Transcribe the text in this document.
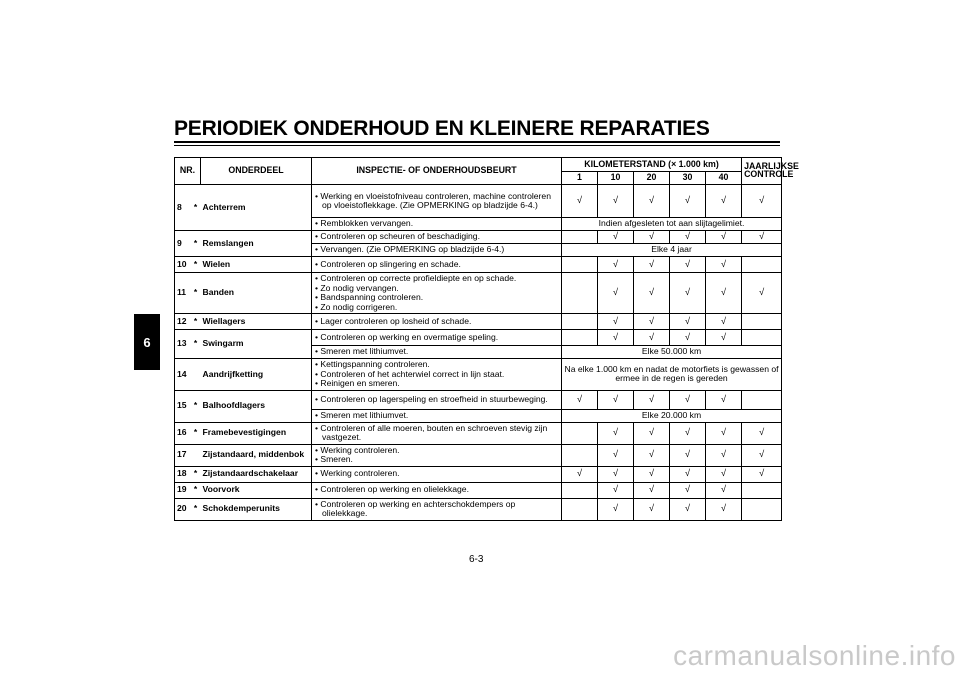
PERIODIEK ONDERHOUD EN KLEINERE REPARATIES
6
NR.		ONDERDEEL	INSPECTIE- OF ONDERHOUDSBEURT	KILOMETERSTAND (× 1.000 km)					JAARLIJKSE
CONTROLE
				1	10	20	30	40	
8	*	Achterrem	• Werking en vloeistofniveau controleren, machine controleren op vloeistoflekkage. (Zie OPMERKING op bladzijde 6-4.)	√	√	√	√	√	√

			• Remblokken vervangen.	Indien afgesleten tot aan slijtagelimiet.					
9	*	Remslangen	• Controleren op scheuren of beschadiging.		√	√	√	√	√

			• Vervangen. (Zie OPMERKING op bladzijde 6-4.)	Elke 4 jaar					
10	*	Wielen	• Controleren op slingering en schade.		√	√	√	√	
11	*	Banden	• Controleren op correcte profieldiepte en op schade.
• Zo nodig vervangen.
• Bandspanning controleren.
• Zo nodig corrigeren.		√	√	√	√	√
12	*	Wiellagers	• Lager controleren op losheid of schade.		√	√	√	√	
13	*	Swingarm	• Controleren op werking en overmatige speling.		√	√	√	√	

			• Smeren met lithiumvet.	Elke 50.000 km					
14		Aandrijfketting	• Kettingspanning controleren.
• Controleren of het achterwiel correct in lijn staat.
• Reinigen en smeren.	Na elke 1.000 km en nadat de motorfiets is gewassen of ermee in de regen is gereden					
15	*	Balhoofdlagers	• Controleren op lagerspeling en stroefheid in stuurbeweging.	√	√	√	√	√	

			• Smeren met lithiumvet.	Elke 20.000 km					
16	*	Framebevestigingen	• Controleren of alle moeren, bouten en schroeven stevig zijn vastgezet.		√	√	√	√	√
17		Zijstandaard, middenbok	• Werking controleren.
• Smeren.		√	√	√	√	√
18	*	Zijstandaardschakelaar	• Werking controleren.	√	√	√	√	√	√
19	*	Voorvork	• Controleren op werking en olielekkage.		√	√	√	√	
20	*	Schokdemperunits	• Controleren op werking en achterschokdempers op olielekkage.		√	√	√	√	
6-3
carmanualsonline.info
